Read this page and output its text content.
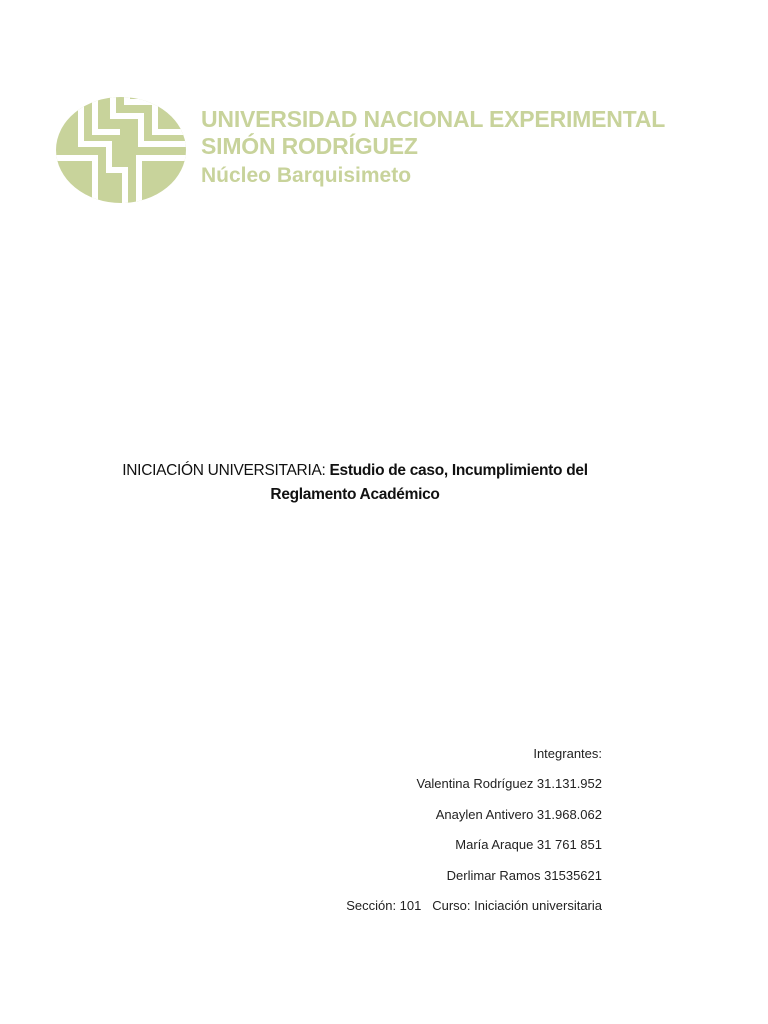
UNIVERSIDAD NACIONAL EXPERIMENTAL
SIMÓN RODRÍGUEZ
Núcleo Barquisimeto
INICIACIÓN UNIVERSITARIA: Estudio de caso, Incumplimiento del
Reglamento Académico
Integrantes:
Valentina Rodríguez 31.131.952
Anaylen Antivero 31.968.062
María Araque 31 761 851
Derlimar Ramos 31535621
Sección: 101   Curso: Iniciación universitaria
